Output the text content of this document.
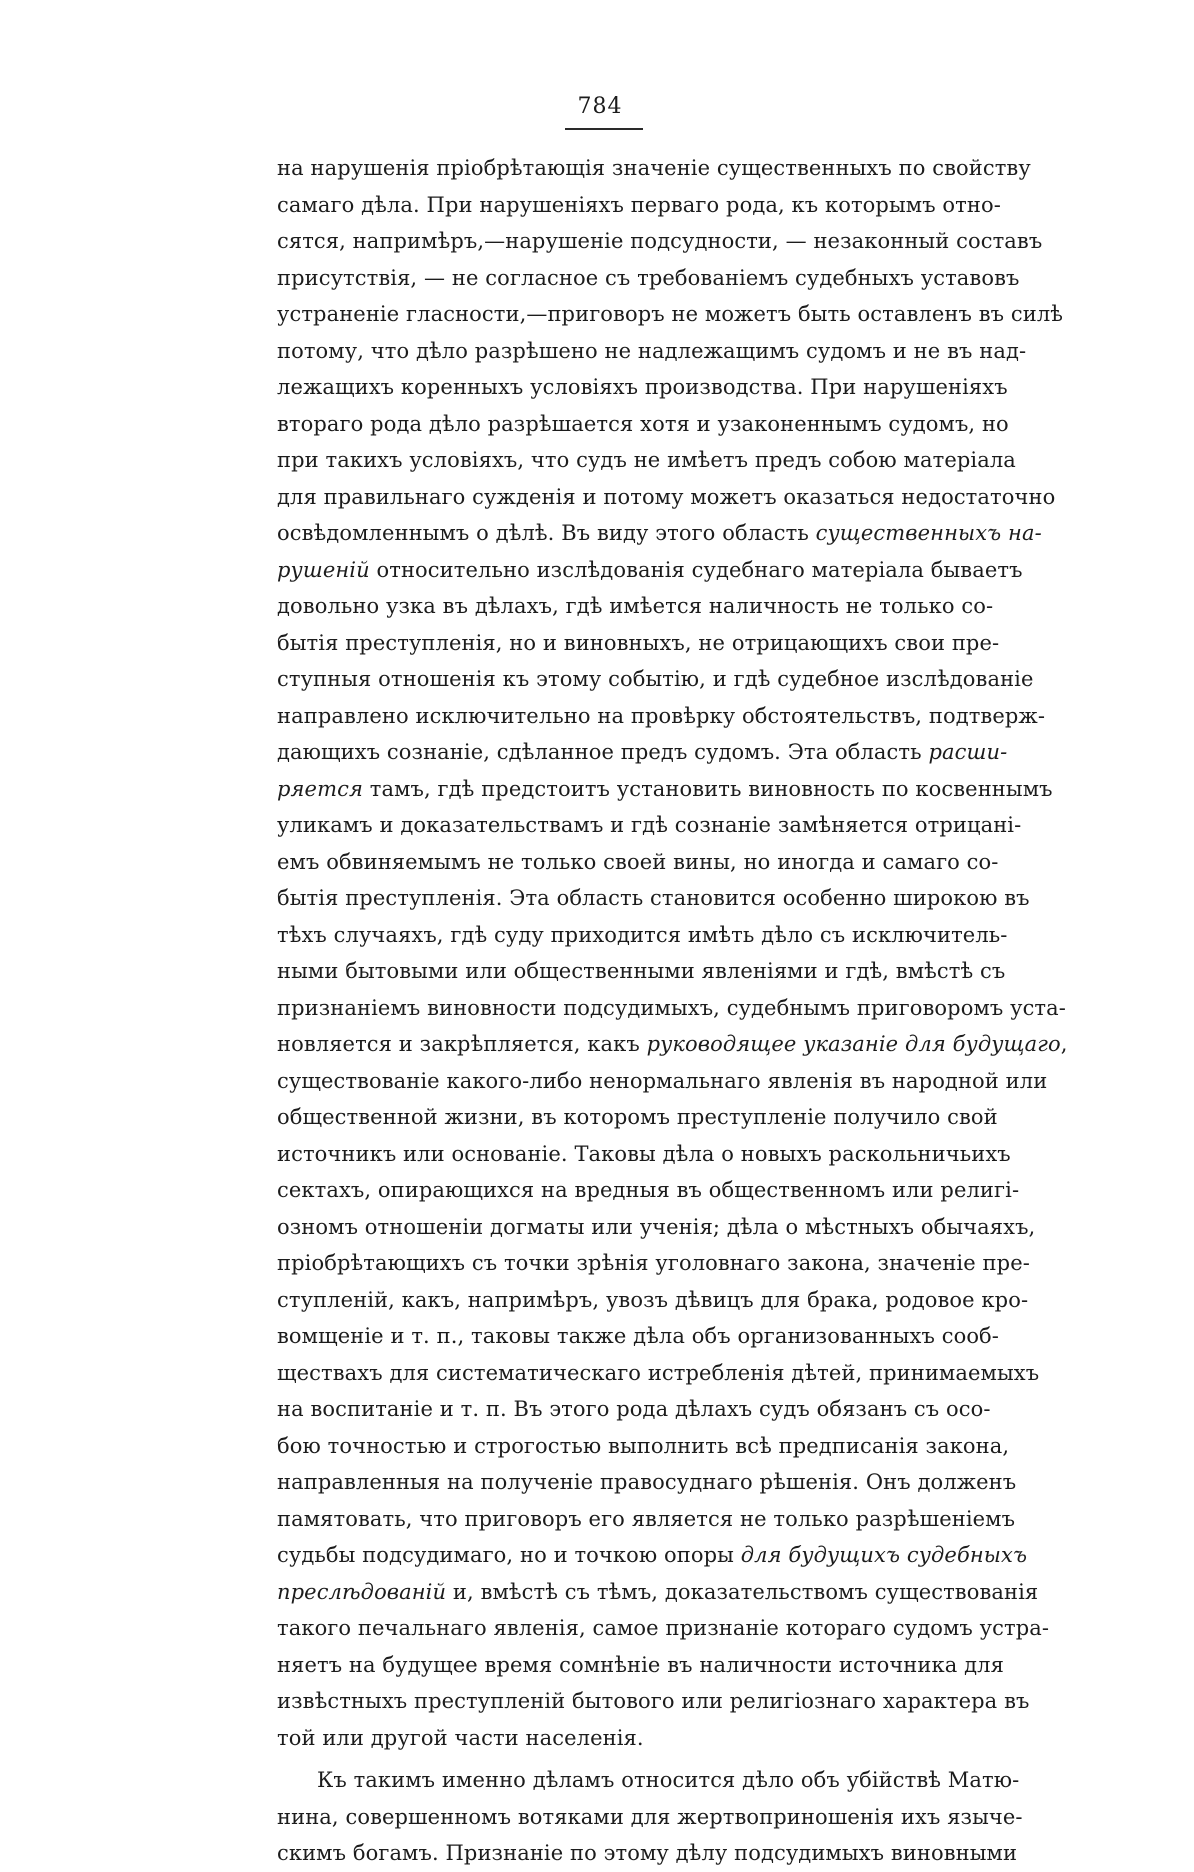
784
на нарушенія пріобрѣтающія значеніе существенныхъ по свойству
самаго дѣла. При нарушеніяхъ перваго рода, къ которымъ отно-
сятся, напримѣръ,—нарушеніе подсудности, — незаконный составъ
присутствія, — не согласное съ требованіемъ судебныхъ уставовъ
устраненіе гласности,—приговоръ не можетъ быть оставленъ въ силѣ
потому, что дѣло разрѣшено не надлежащимъ судомъ и не въ над-
лежащихъ коренныхъ условіяхъ производства. При нарушеніяхъ
втораго рода дѣло разрѣшается хотя и узаконеннымъ судомъ, но
при такихъ условіяхъ, что судъ не имѣетъ предъ собою матеріала
для правильнаго сужденія и потому можетъ оказаться недостаточно
освѣдомленнымъ о дѣлѣ. Въ виду этого область существенныхъ на-
рушеній относительно изслѣдованія судебнаго матеріала бываетъ
довольно узка въ дѣлахъ, гдѣ имѣется наличность не только со-
бытія преступленія, но и виновныхъ, не отрицающихъ свои пре-
ступныя отношенія къ этому событію, и гдѣ судебное изслѣдованіе
направлено исключительно на провѣрку обстоятельствъ, подтверж-
дающихъ сознаніе, сдѣланное предъ судомъ. Эта область расши-
ряется тамъ, гдѣ предстоитъ установить виновность по косвеннымъ
уликамъ и доказательствамъ и гдѣ сознаніе замѣняется отрицані-
емъ обвиняемымъ не только своей вины, но иногда и самаго со-
бытія преступленія. Эта область становится особенно широкою въ
тѣхъ случаяхъ, гдѣ суду приходится имѣть дѣло съ исключитель-
ными бытовыми или общественными явленіями и гдѣ, вмѣстѣ съ
признаніемъ виновности подсудимыхъ, судебнымъ приговоромъ уста-
новляется и закрѣпляется, какъ руководящее указаніе для будущаго,
существованіе какого-либо ненормальнаго явленія въ народной или
общественной жизни, въ которомъ преступленіе получило свой
источникъ или основаніе. Таковы дѣла о новыхъ раскольничьихъ
сектахъ, опирающихся на вредныя въ общественномъ или религі-
озномъ отношеніи догматы или ученія; дѣла о мѣстныхъ обычаяхъ,
пріобрѣтающихъ съ точки зрѣнія уголовнаго закона, значеніе пре-
ступленій, какъ, напримѣръ, увозъ дѣвицъ для брака, родовое кро-
вомщеніе и т. п., таковы также дѣла объ организованныхъ сооб-
ществахъ для систематическаго истребленія дѣтей, принимаемыхъ
на воспитаніе и т. п. Въ этого рода дѣлахъ судъ обязанъ съ осо-
бою точностью и строгостью выполнить всѣ предписанія закона,
направленныя на полученіе правосуднаго рѣшенія. Онъ долженъ
памятовать, что приговоръ его является не только разрѣшеніемъ
судьбы подсудимаго, но и точкою опоры для будущихъ судебныхъ
преслѣдованій и, вмѣстѣ съ тѣмъ, доказательствомъ существованія
такого печальнаго явленія, самое признаніе котораго судомъ устра-
няетъ на будущее время сомнѣніе въ наличности источника для
извѣстныхъ преступленій бытового или религіознаго характера въ
той или другой части населенія.
Къ такимъ именно дѣламъ относится дѣло объ убійствѣ Матю-
нина, совершенномъ вотяками для жертвоприношенія ихъ языче-
скимъ богамъ. Признаніе по этому дѣлу подсудимыхъ виновными
